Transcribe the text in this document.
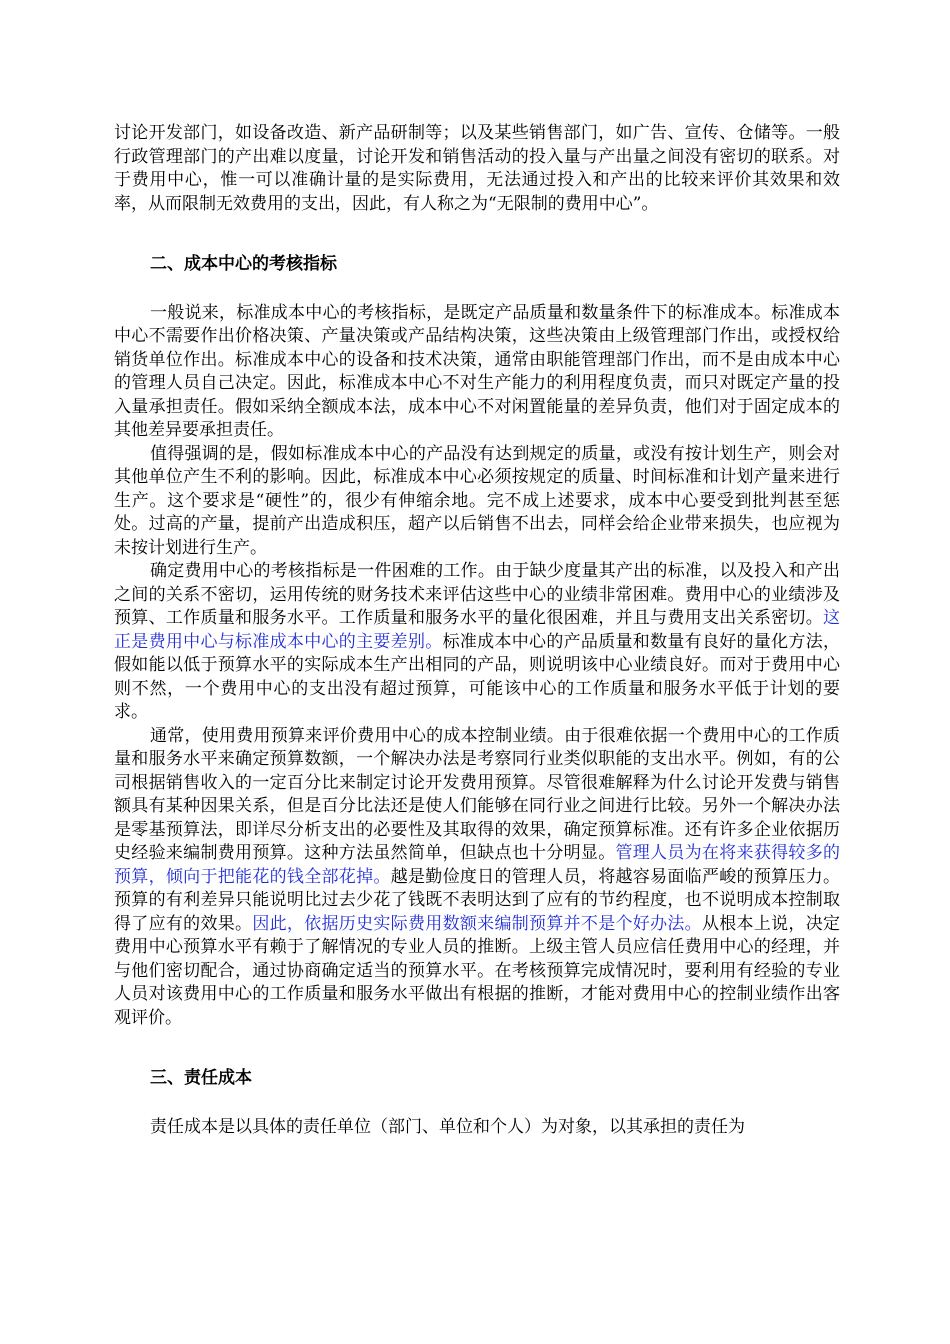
讨论开发部门，如设备改造、新产品研制等；以及某些销售部门，如广告、宣传、仓储等。一般行政管理部门的产出难以度量，讨论开发和销售活动的投入量与产出量之间没有密切的联系。对于费用中心，惟一可以准确计量的是实际费用，无法通过投入和产出的比较来评价其效果和效率，从而限制无效费用的支出，因此，有人称之为“无限制的费用中心”。

二、成本中心的考核指标

一般说来，标准成本中心的考核指标，是既定产品质量和数量条件下的标准成本。标准成本中心不需要作出价格决策、产量决策或产品结构决策，这些决策由上级管理部门作出，或授权给销货单位作出。标准成本中心的设备和技术决策，通常由职能管理部门作出，而不是由成本中心的管理人员自己决定。因此，标准成本中心不对生产能力的利用程度负责，而只对既定产量的投入量承担责任。假如采纳全额成本法，成本中心不对闲置能量的差异负责，他们对于固定成本的其他差异要承担责任。

值得强调的是，假如标准成本中心的产品没有达到规定的质量，或没有按计划生产，则会对其他单位产生不利的影响。因此，标准成本中心必须按规定的质量、时间标准和计划产量来进行生产。这个要求是“硬性”的，很少有伸缩余地。完不成上述要求，成本中心要受到批判甚至惩处。过高的产量，提前产出造成积压，超产以后销售不出去，同样会给企业带来损失，也应视为未按计划进行生产。

确定费用中心的考核指标是一件困难的工作。由于缺少度量其产出的标准，以及投入和产出之间的关系不密切，运用传统的财务技术来评估这些中心的业绩非常困难。费用中心的业绩涉及预算、工作质量和服务水平。工作质量和服务水平的量化很困难，并且与费用支出关系密切。这正是费用中心与标准成本中心的主要差别。标准成本中心的产品质量和数量有良好的量化方法，假如能以低于预算水平的实际成本生产出相同的产品，则说明该中心业绩良好。而对于费用中心则不然，一个费用中心的支出没有超过预算，可能该中心的工作质量和服务水平低于计划的要求。

通常，使用费用预算来评价费用中心的成本控制业绩。由于很难依据一个费用中心的工作质量和服务水平来确定预算数额，一个解决办法是考察同行业类似职能的支出水平。例如，有的公司根据销售收入的一定百分比来制定讨论开发费用预算。尽管很难解释为什么讨论开发费与销售额具有某种因果关系，但是百分比法还是使人们能够在同行业之间进行比较。另外一个解决办法是零基预算法，即详尽分析支出的必要性及其取得的效果，确定预算标准。还有许多企业依据历史经验来编制费用预算。这种方法虽然简单，但缺点也十分明显。管理人员为在将来获得较多的预算，倾向于把能花的钱全部花掉。越是勤俭度日的管理人员，将越容易面临严峻的预算压力。预算的有利差异只能说明比过去少花了钱既不表明达到了应有的节约程度，也不说明成本控制取得了应有的效果。因此，依据历史实际费用数额来编制预算并不是个好办法。从根本上说，决定费用中心预算水平有赖于了解情况的专业人员的推断。上级主管人员应信任费用中心的经理，并与他们密切配合，通过协商确定适当的预算水平。在考核预算完成情况时，要利用有经验的专业人员对该费用中心的工作质量和服务水平做出有根据的推断，才能对费用中心的控制业绩作出客观评价。

三、责任成本

责任成本是以具体的责任单位（部门、单位和个人）为对象，以其承担的责任为
